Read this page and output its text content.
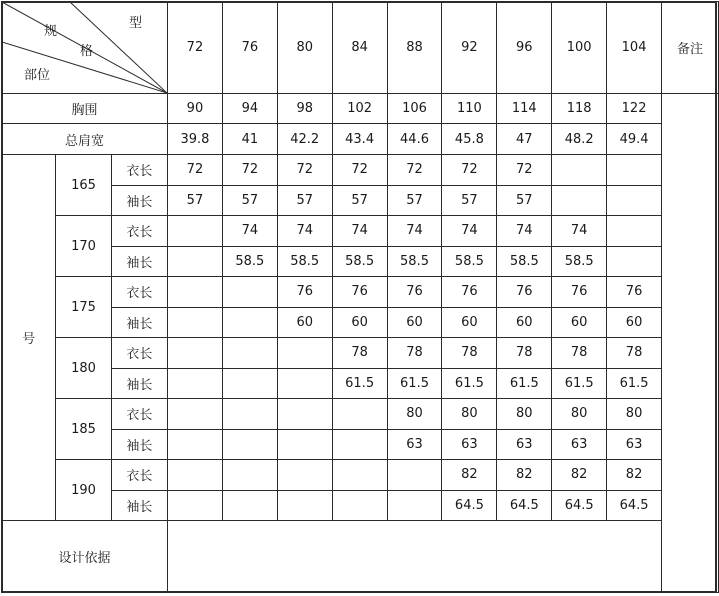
规
型
格
部位			72	76	80	84	88	92	96	100	104	备注
胸围			90	94	98	102	106	110	114	118	122	
总肩宽			39.8	41	42.2	43.4	44.6	45.8	47	48.2	49.4	
号	165	衣长	72	72	72	72	72	72	72			
		袖长	57	57	57	57	57	57	57			
	170	衣长		74	74	74	74	74	74	74		
		袖长		58.5	58.5	58.5	58.5	58.5	58.5	58.5		
	175	衣长			76	76	76	76	76	76	76	
		袖长			60	60	60	60	60	60	60	
	180	衣长				78	78	78	78	78	78	
		袖长				61.5	61.5	61.5	61.5	61.5	61.5	
	185	衣长					80	80	80	80	80	
		袖长					63	63	63	63	63	
	190	衣长						82	82	82	82	
		袖长						64.5	64.5	64.5	64.5	
设计依据												
